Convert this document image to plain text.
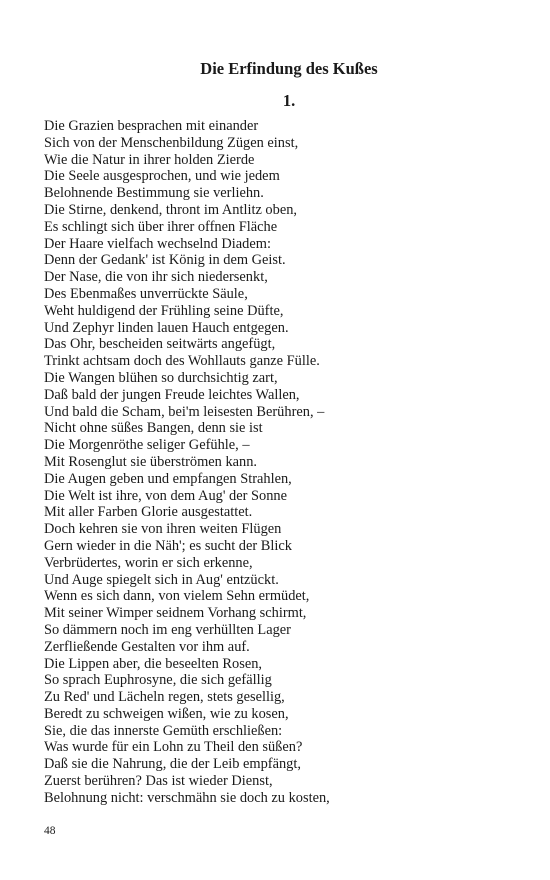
Die Erfindung des Kußes
1.
Die Grazien besprachen mit einander
Sich von der Menschenbildung Zügen einst,
Wie die Natur in ihrer holden Zierde
Die Seele ausgesprochen, und wie jedem
Belohnende Bestimmung sie verliehn.
Die Stirne, denkend, thront im Antlitz oben,
Es schlingt sich über ihrer offnen Fläche
Der Haare vielfach wechselnd Diadem:
Denn der Gedank' ist König in dem Geist.
Der Nase, die von ihr sich niedersenkt,
Des Ebenmaßes unverrückte Säule,
Weht huldigend der Frühling seine Düfte,
Und Zephyr linden lauen Hauch entgegen.
Das Ohr, bescheiden seitwärts angefügt,
Trinkt achtsam doch des Wohllauts ganze Fülle.
Die Wangen blühen so durchsichtig zart,
Daß bald der jungen Freude leichtes Wallen,
Und bald die Scham, bei'm leisesten Berühren, –
Nicht ohne süßes Bangen, denn sie ist
Die Morgenröthe seliger Gefühle, –
Mit Rosenglut sie überströmen kann.
Die Augen geben und empfangen Strahlen,
Die Welt ist ihre, von dem Aug' der Sonne
Mit aller Farben Glorie ausgestattet.
Doch kehren sie von ihren weiten Flügen
Gern wieder in die Näh'; es sucht der Blick
Verbrüdertes, worin er sich erkenne,
Und Auge spiegelt sich in Aug' entzückt.
Wenn es sich dann, von vielem Sehn ermüdet,
Mit seiner Wimper seidnem Vorhang schirmt,
So dämmern noch im eng verhüllten Lager
Zerfließende Gestalten vor ihm auf.
Die Lippen aber, die beseelten Rosen,
So sprach Euphrosyne, die sich gefällig
Zu Red' und Lächeln regen, stets gesellig,
Beredt zu schweigen wißen, wie zu kosen,
Sie, die das innerste Gemüth erschließen:
Was wurde für ein Lohn zu Theil den süßen?
Daß sie die Nahrung, die der Leib empfängt,
Zuerst berühren? Das ist wieder Dienst,
Belohnung nicht: verschmähn sie doch zu kosten,
48
